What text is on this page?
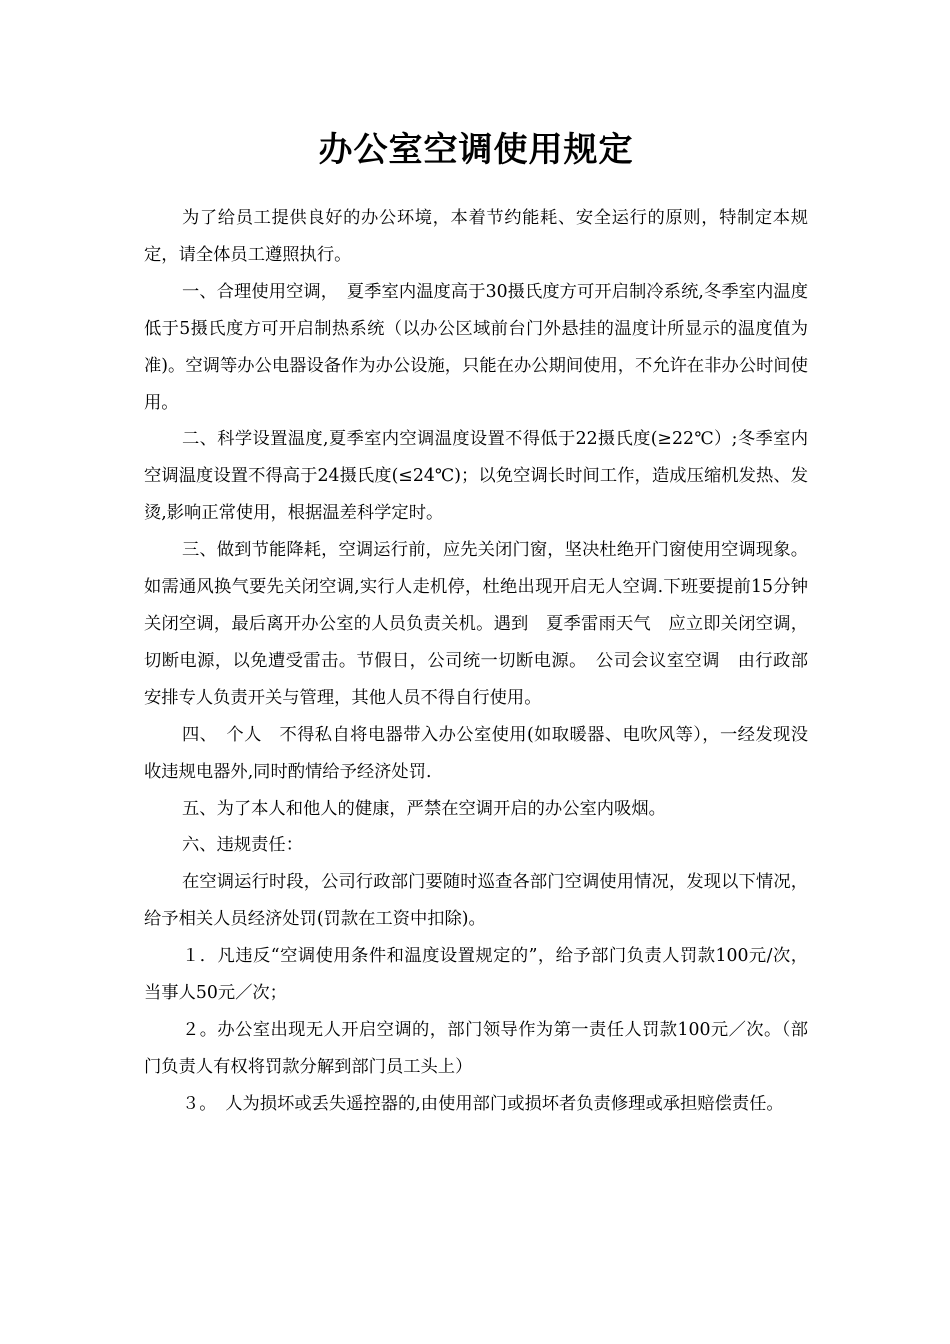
办公室空调使用规定

为了给员工提供良好的办公环境，本着节约能耗、安全运行的原则，特制定本规定，请全体员工遵照执行。

一、合理使用空调，　夏季室内温度高于30摄氏度方可开启制冷系统,冬季室内温度低于5摄氏度方可开启制热系统（以办公区域前台门外悬挂的温度计所显示的温度值为准)。空调等办公电器设备作为办公设施，只能在办公期间使用，不允许在非办公时间使用。

二、科学设置温度,夏季室内空调温度设置不得低于22摄氏度(≥22℃）;冬季室内空调温度设置不得高于24摄氏度(≤24℃)；以免空调长时间工作，造成压缩机发热、发烫,影响正常使用，根据温差科学定时。

三、做到节能降耗，空调运行前，应先关闭门窗，坚决杜绝开门窗使用空调现象。如需通风换气要先关闭空调,实行人走机停，杜绝出现开启无人空调.下班要提前15分钟关闭空调，最后离开办公室的人员负责关机。遇到　夏季雷雨天气　应立即关闭空调，切断电源，以免遭受雷击。节假日，公司统一切断电源。　公司会议室空调　由行政部安排专人负责开关与管理，其他人员不得自行使用。

四、　个人　不得私自将电器带入办公室使用(如取暖器、电吹风等），一经发现没收违规电器外,同时酌情给予经济处罚.

五、为了本人和他人的健康，严禁在空调开启的办公室内吸烟。

六、违规责任：

在空调运行时段，公司行政部门要随时巡查各部门空调使用情况，发现以下情况，给予相关人员经济处罚(罚款在工资中扣除)。

１．凡违反“空调使用条件和温度设置规定的”，给予部门负责人罚款100元/次，当事人50元／次；

２。办公室出现无人开启空调的，部门领导作为第一责任人罚款100元／次。（部门负责人有权将罚款分解到部门员工头上）

３。　人为损坏或丢失遥控器的,由使用部门或损坏者负责修理或承担赔偿责任。
